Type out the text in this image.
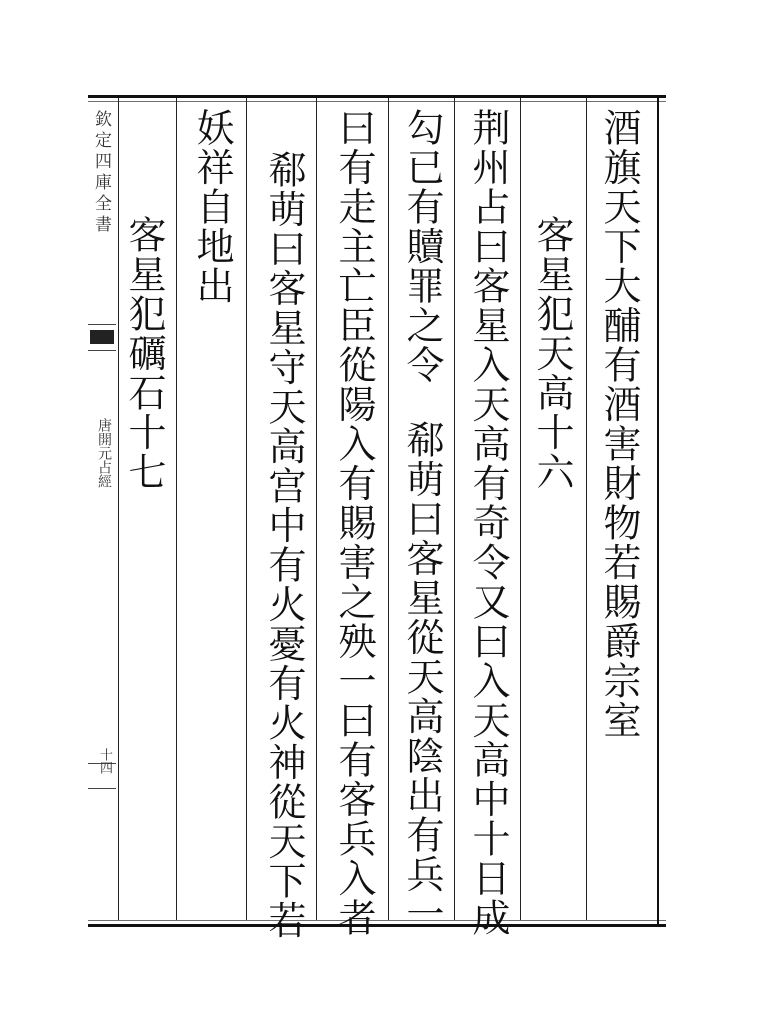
酒旗天下大酺有酒害財物若賜爵宗室
客星犯天高十六
荆州占曰客星入天高有奇令又曰入天高中十日成
勾已有贖罪之令
郗萌曰客星從天高陰出有兵一
曰有走主亡臣從陽入有賜害之殃一曰有客兵入者
郗萌曰客星守天高宫中有火憂有火神從天下若
妖祥自地出
客星犯礪石十七
欽定四庫全書
唐開元占經
十四
